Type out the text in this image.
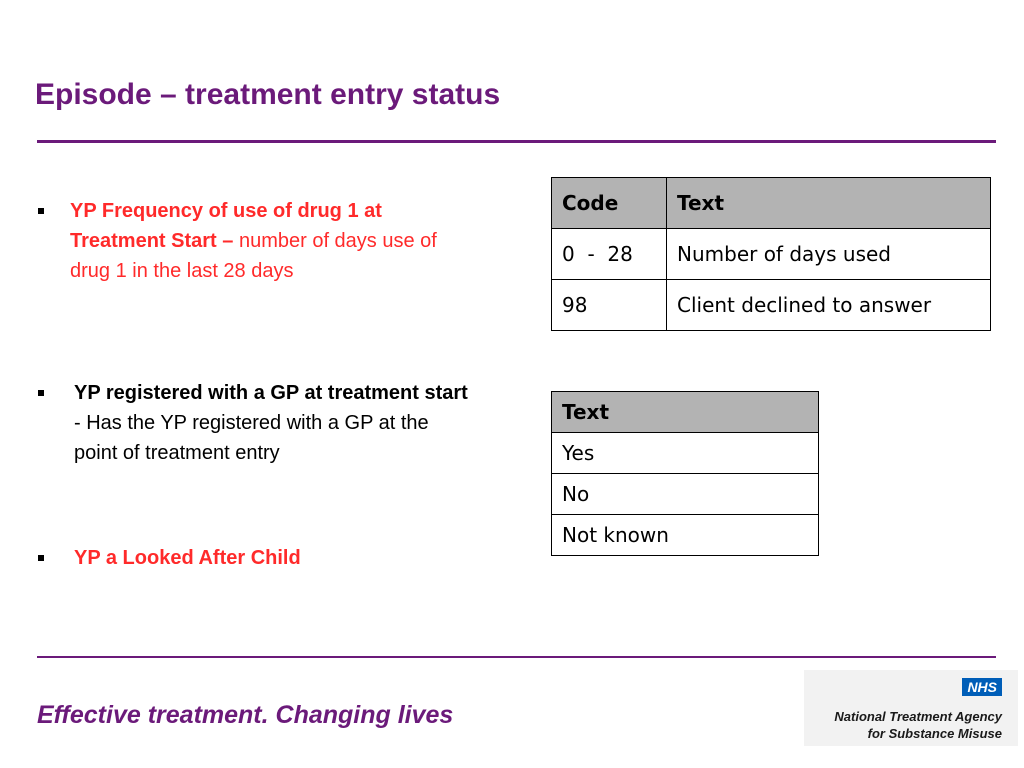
Episode – treatment entry status
YP Frequency of use of drug 1 at Treatment Start – number of days use of drug 1 in the last 28 days
YP registered with a GP at treatment start - Has the YP registered with a GP at the point of treatment entry
YP a Looked After Child
Code	Text
0  -  28	Number of days used
98	Client declined to answer
Text
Yes
No
Not known
Effective treatment. Changing lives
NHS
National Treatment Agency
for Substance Misuse
